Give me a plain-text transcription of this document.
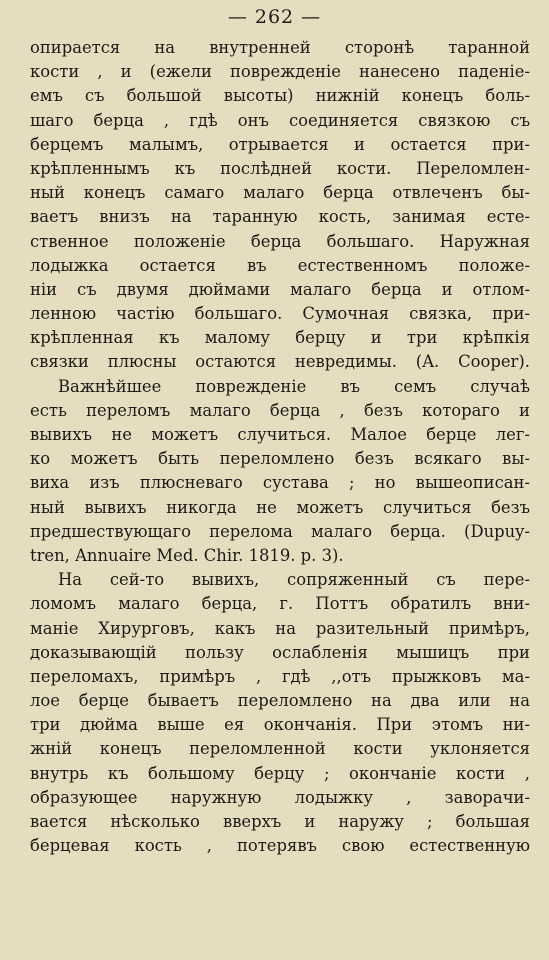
— 262 —
опирается на внутренней сторонѣ таранной
кости , и (ежели поврежденіе нанесено паденіе-
емъ съ большой высоты) нижній конецъ боль-
шаго берца , гдѣ онъ соединяется связкою съ
берцемъ малымъ, отрывается и остается при-
крѣпленнымъ къ послѣдней кости. Переломлен-
ный конецъ самаго малаго берца отвлеченъ бы-
ваетъ внизъ на таранную кость, занимая есте-
ственное положеніе берца большаго. Наружная
лодыжка остается въ естественномъ положе-
ніи съ двумя дюймами малаго берца и отлом-
ленною частію большаго. Сумочная связка, при-
крѣпленная къ малому берцу и три крѣпкія
связки плюсны остаются невредимы. (A. Cooper).
Важнѣйшее поврежденіе въ семъ случаѣ
есть переломъ малаго берца , безъ котораго и
вывихъ не можетъ случиться. Малое берце лег-
ко можетъ быть переломлено безъ всякаго вы-
виха изъ плюсневаго сустава ; но вышеописан-
ный вывихъ никогда не можетъ случиться безъ
предшествующаго перелома малаго берца. (Dupuy-
tren, Annuaire Med. Chir. 1819. p. 3).
На сей-то вывихъ, сопряженный съ пере-
ломомъ малаго берца, г. Поттъ обратилъ вни-
маніе Хирурговъ, какъ на разительный примѣръ,
доказывающій пользу ослабленія мышицъ при
переломахъ, примѣръ , гдѣ ,,отъ прыжковъ ма-
лое берце бываетъ переломлено на два или на
три дюйма выше ея окончанія. При этомъ ни-
жній конецъ переломленной кости уклоняется
внутрь къ большому берцу ; окончаніе кости ,
образующее наружную лодыжку , заворачи-
вается нѣсколько вверхъ и наружу ; большая
берцевая кость , потерявъ свою естественную
